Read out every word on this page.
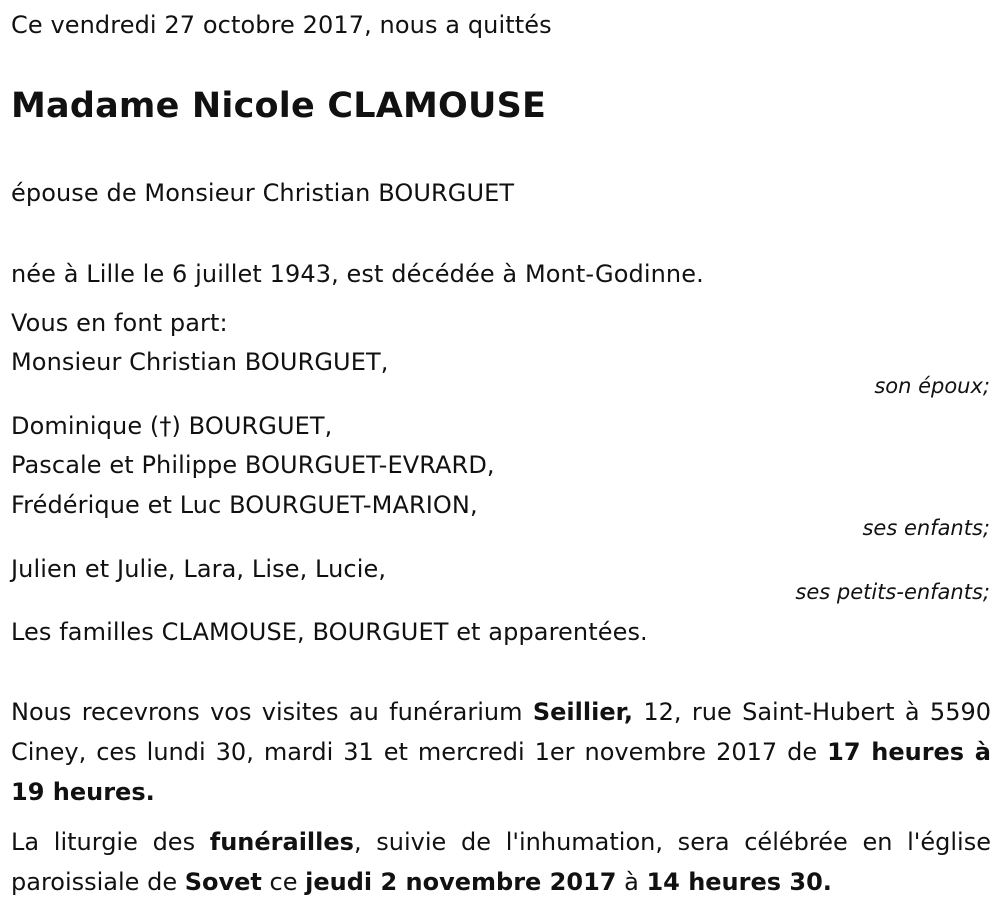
Ce vendredi 27 octobre 2017, nous a quittés
Madame Nicole CLAMOUSE
épouse de Monsieur Christian BOURGUET
née à Lille le 6 juillet 1943, est décédée à Mont-Godinne.
Vous en font part:
Monsieur Christian BOURGUET,
son époux;
Dominique (†) BOURGUET,
Pascale et Philippe BOURGUET-EVRARD,
Frédérique et Luc BOURGUET-MARION,
ses enfants;
Julien et Julie, Lara, Lise, Lucie,
ses petits-enfants;
Les familles CLAMOUSE, BOURGUET et apparentées.
Nous recevrons vos visites au funérarium Seillier, 12, rue Saint-Hubert à 5590 Ciney, ces lundi 30, mardi 31 et mercredi 1er novembre 2017 de 17 heures à 19 heures.
La liturgie des funérailles, suivie de l'inhumation, sera célébrée en l'église paroissiale de Sovet ce jeudi 2 novembre 2017 à 14 heures 30.
